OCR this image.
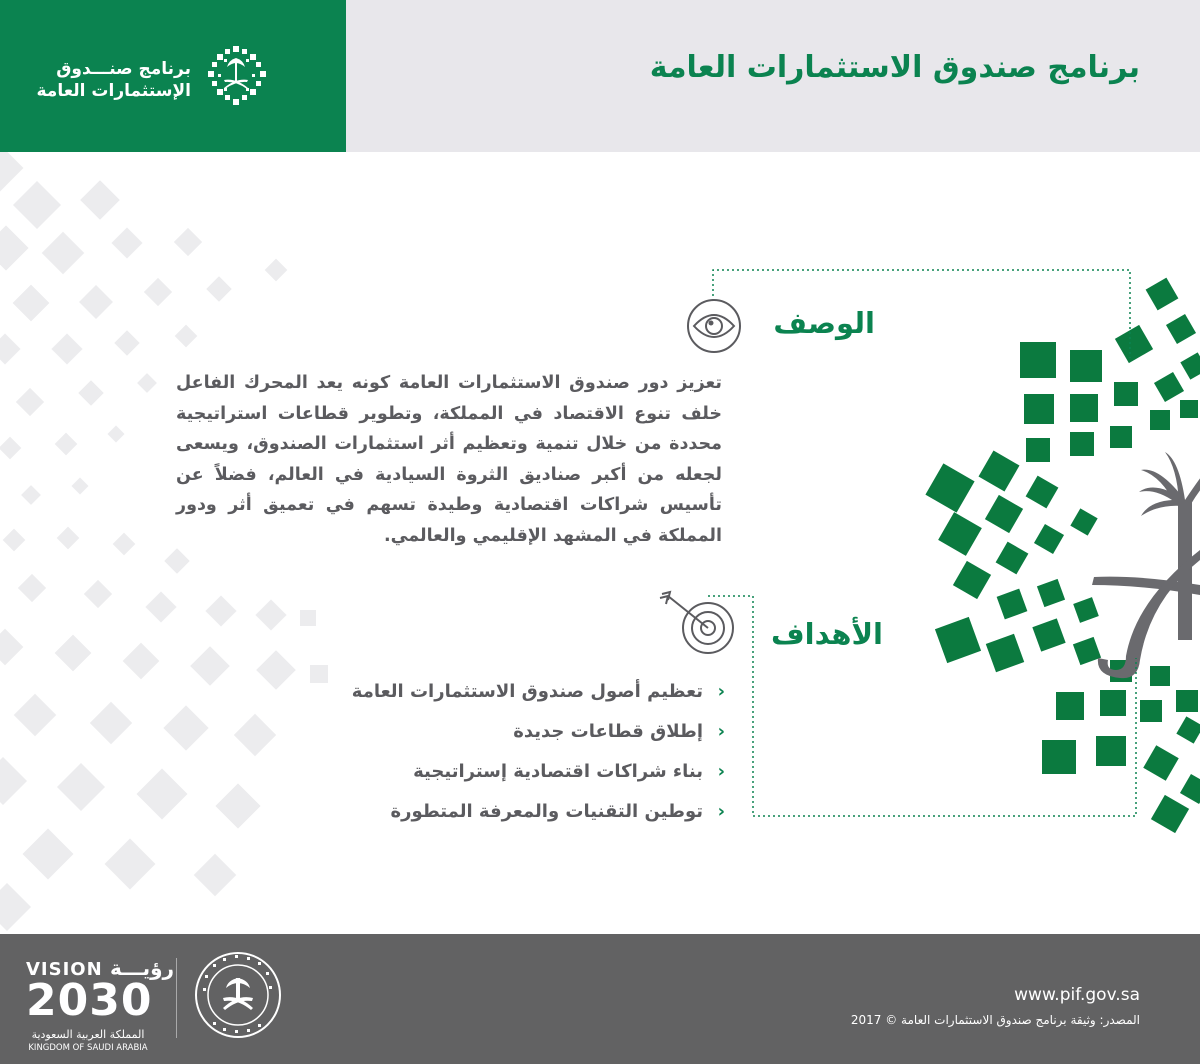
برنامج صنـــدوق
الإستثمارات العامة
برنامج صندوق الاستثمارات العامة
الوصف

تعزيز دور صندوق الاستثمارات العامة كونه يعد المحرك الفاعل خلف تنوع الاقتصاد في المملكة، وتطوير قطاعات استراتيجية محددة من خلال تنمية وتعظيم أثر استثمارات الصندوق، ويسعى لجعله من أكبر صناديق الثروة السيادية في العالم، فضلاً عن تأسيس شراكات اقتصادية وطيدة تسهم في تعميق أثر ودور المملكة في المشهد الإقليمي والعالمي.

الأهداف
‹
تعظيم أصول صندوق الاستثمارات العامة
‹
إطلاق قطاعات جديدة
‹
بناء شراكات اقتصادية إستراتيجية
‹
توطين التقنيات والمعرفة المتطورة
VISION رؤيـــة
2030
المملكة العربية السعودية
KINGDOM OF SAUDI ARABIA
www.pif.gov.sa
المصدر: وثيقة برنامج صندوق الاستثمارات العامة © 2017
